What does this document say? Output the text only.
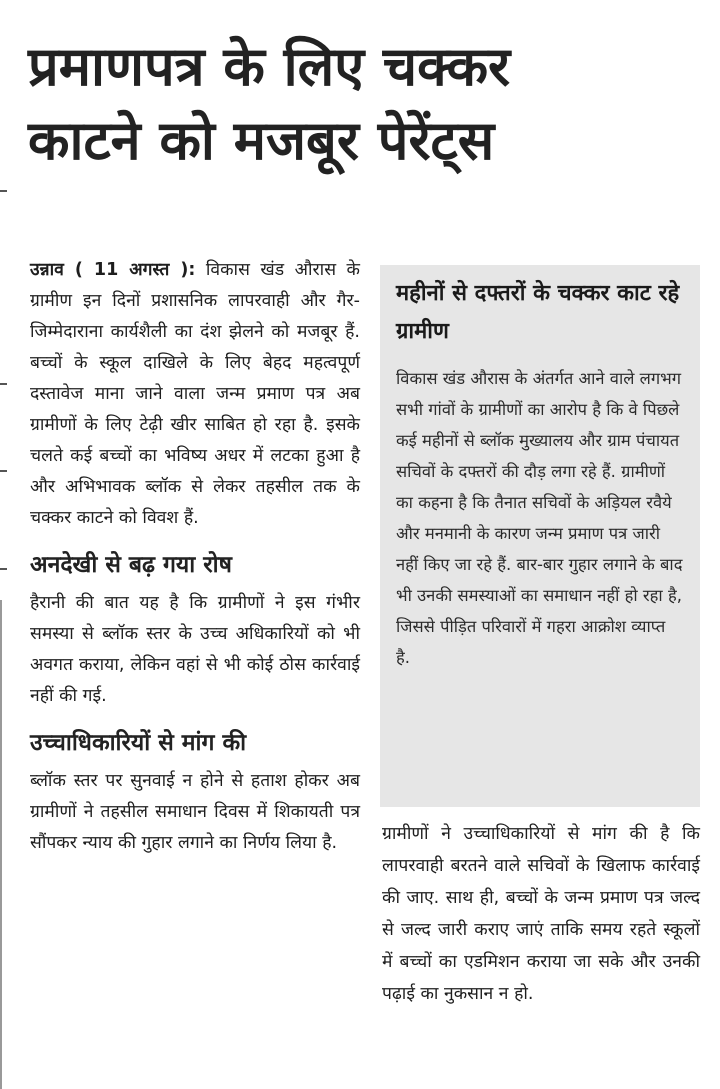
प्रमाणपत्र के लिए चक्कर
काटने को मजबूर पेरेंट्स

उन्नाव ( 11 अगस्त ): विकास खंड औरास के ग्रामीण इन दिनों प्रशासनिक लापरवाही और गैर-जिम्मेदाराना कार्यशैली का दंश झेलने को मजबूर हैं. बच्चों के स्कूल दाखिले के लिए बेहद महत्वपूर्ण दस्तावेज माना जाने वाला जन्म प्रमाण पत्र अब ग्रामीणों के लिए टेढ़ी खीर साबित हो रहा है. इसके चलते कई बच्चों का भविष्य अधर में लटका हुआ है और अभिभावक ब्लॉक से लेकर तहसील तक के चक्कर काटने को विवश हैं.

अनदेखी से बढ़ गया रोष

हैरानी की बात यह है कि ग्रामीणों ने इस गंभीर समस्या से ब्लॉक स्तर के उच्च अधिकारियों को भी अवगत कराया, लेकिन वहां से भी कोई ठोस कार्रवाई नहीं की गई.

उच्चाधिकारियों से मांग की

ब्लॉक स्तर पर सुनवाई न होने से हताश होकर अब ग्रामीणों ने तहसील समाधान दिवस में शिकायती पत्र सौंपकर न्याय की गुहार लगाने का निर्णय लिया है.

महीनों से दफ्तरों के चक्कर काट रहे ग्रामीण
विकास खंड औरास के अंतर्गत आने वाले लगभग सभी गांवों के ग्रामीणों का आरोप है कि वे पिछले कई महीनों से ब्लॉक मुख्यालय और ग्राम पंचायत सचिवों के दफ्तरों की दौड़ लगा रहे हैं. ग्रामीणों का कहना है कि तैनात सचिवों के अड़ियल रवैये और मनमानी के कारण जन्म प्रमाण पत्र जारी नहीं किए जा रहे हैं. बार-बार गुहार लगाने के बाद भी उनकी समस्याओं का समाधान नहीं हो रहा है, जिससे पीड़ित परिवारों में गहरा आक्रोश व्याप्त है.

ग्रामीणों ने उच्चाधिकारियों से मांग की है कि लापरवाही बरतने वाले सचिवों के खिलाफ कार्रवाई की जाए. साथ ही, बच्चों के जन्म प्रमाण पत्र जल्द से जल्द जारी कराए जाएं ताकि समय रहते स्कूलों में बच्चों का एडमिशन कराया जा सके और उनकी पढ़ाई का नुकसान न हो.
